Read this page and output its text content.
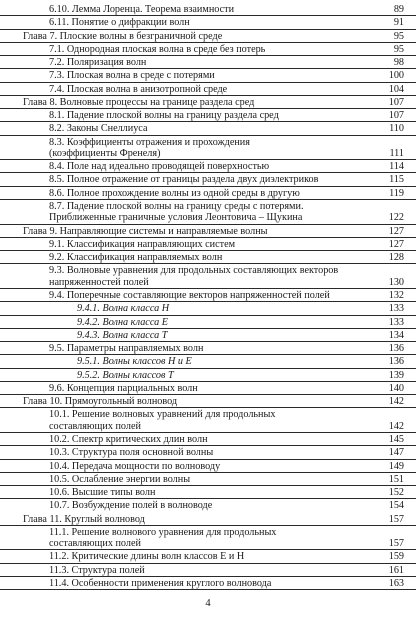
6.10. Лемма Лоренца. Теорема взаимности	89
6.11. Понятие о дифракции волн	91
Глава 7. Плоские волны в безграничной среде	95
7.1. Однородная плоская волна в среде без потерь	95
7.2. Поляризация волн	98
7.3. Плоская волна в среде с потерями	100
7.4. Плоская волна в анизотропной среде	104
Глава 8. Волновые процессы на границе раздела сред	107
8.1. Падение плоской волны на границу раздела сред	107
8.2. Законы Снеллиуса	110
8.3. Коэффициенты отражения и прохождения
(коэффициенты Френеля)	111
8.4. Поле над идеально проводящей поверхностью	114
8.5. Полное отражение от границы раздела двух диэлектриков	115
8.6. Полное прохождение волны из одной среды в другую	119
8.7. Падение плоской волны на границу среды с потерями.
Приближенные граничные условия Леонтовича – Щукина	122
Глава 9. Направляющие системы и направляемые волны	127
9.1. Классификация направляющих систем	127
9.2. Классификация направляемых волн	128
9.3. Волновые уравнения для продольных составляющих векторов
напряженностей полей	130
9.4. Поперечные составляющие векторов напряженностей полей	132
9.4.1. Волна класса H	133
9.4.2. Волна класса E	133
9.4.3. Волна класса T	134
9.5. Параметры направляемых волн	136
9.5.1. Волны классов H и E	136
9.5.2. Волны классов T	139
9.6. Концепция парциальных волн	140
Глава 10. Прямоугольный волновод	142
10.1. Решение волновых уравнений для продольных
составляющих полей	142
10.2. Спектр критических длин волн	145
10.3. Структура поля основной волны	147
10.4. Передача мощности по волноводу	149
10.5. Ослабление энергии волны	151
10.6. Высшие типы волн	152
10.7. Возбуждение полей в волноводе	154
Глава 11. Круглый волновод	157
11.1. Решение волнового уравнения для продольных
составляющих полей	157
11.2. Критические длины волн классов E и H	159
11.3. Структура полей	161
11.4. Особенности применения круглого волновода	163
4
